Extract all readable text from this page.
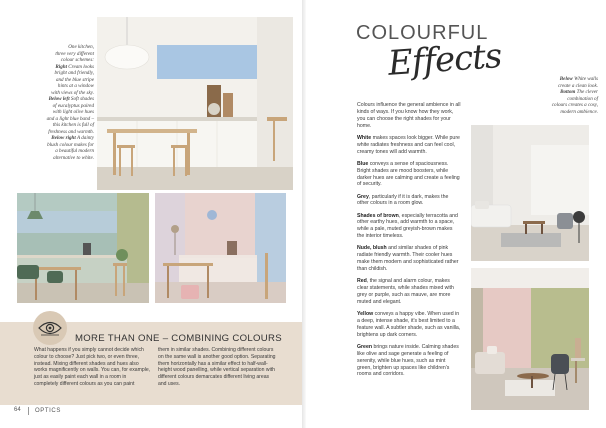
One kitchen,
three very different
colour schemes:
Right Cream looks
bright and friendly,
and the blue stripe
hints at a window
with views of the sky.
Below left Soft shades
of eucalyptus paired
with light olive hues
and a light blue band –
this kitchen is full of
freshness and warmth.
Below right A dainty
blush colour makes for
a beautiful modern
alternative to white.
MORE THAN ONE – COMBINING COLOURS
What happens if you simply cannot decide which colour to choose? Just pick two, or even three, instead. Mixing different shades and hues also works magnificently on walls. You can, for example, just as easily paint each wall in a room in completely different colours as you can paint
them in similar shades. Combining different colours on the same wall is another good option. Separating them horizontally has a similar effect to half-wall-height wood panelling, while vertical separation with different colours demarcates different living areas and uses.
64 OPTICS
COLOURFUL
Effects	Below White walls
create a clean look.
Bottom The clever
combination of
colours creates a cosy,
modern ambience.

Colours influence the general ambience in all kinds of ways. If you know how they work, you can choose the right shades for your home.

White makes spaces look bigger. While pure white radiates freshness and can feel cool, creamy tones will add warmth.

Blue conveys a sense of spaciousness. Bright shades are mood boosters, while darker hues are calming and create a feeling of security.

Grey, particularly if it is dark, makes the other colours in a room glow.

Shades of brown, especially terracotta and other earthy hues, add warmth to a space, while a pale, muted greyish-brown makes the interior timeless.

Nude, blush and similar shades of pink radiate friendly warmth. Their cooler hues make them modern and sophisticated rather than childish.

Red, the signal and alarm colour, makes clear statements, while shades mixed with grey or purple, such as mauve, are more muted and elegant.

Yellow conveys a happy vibe. When used in a deep, intense shade, it's best limited to a feature wall. A subtler shade, such as vanilla, brightens up dark corners.

Green brings nature inside. Calming shades like olive and sage generate a feeling of serenity, while blue hues, such as mint green, brighten up spaces like children's rooms and corridors.
